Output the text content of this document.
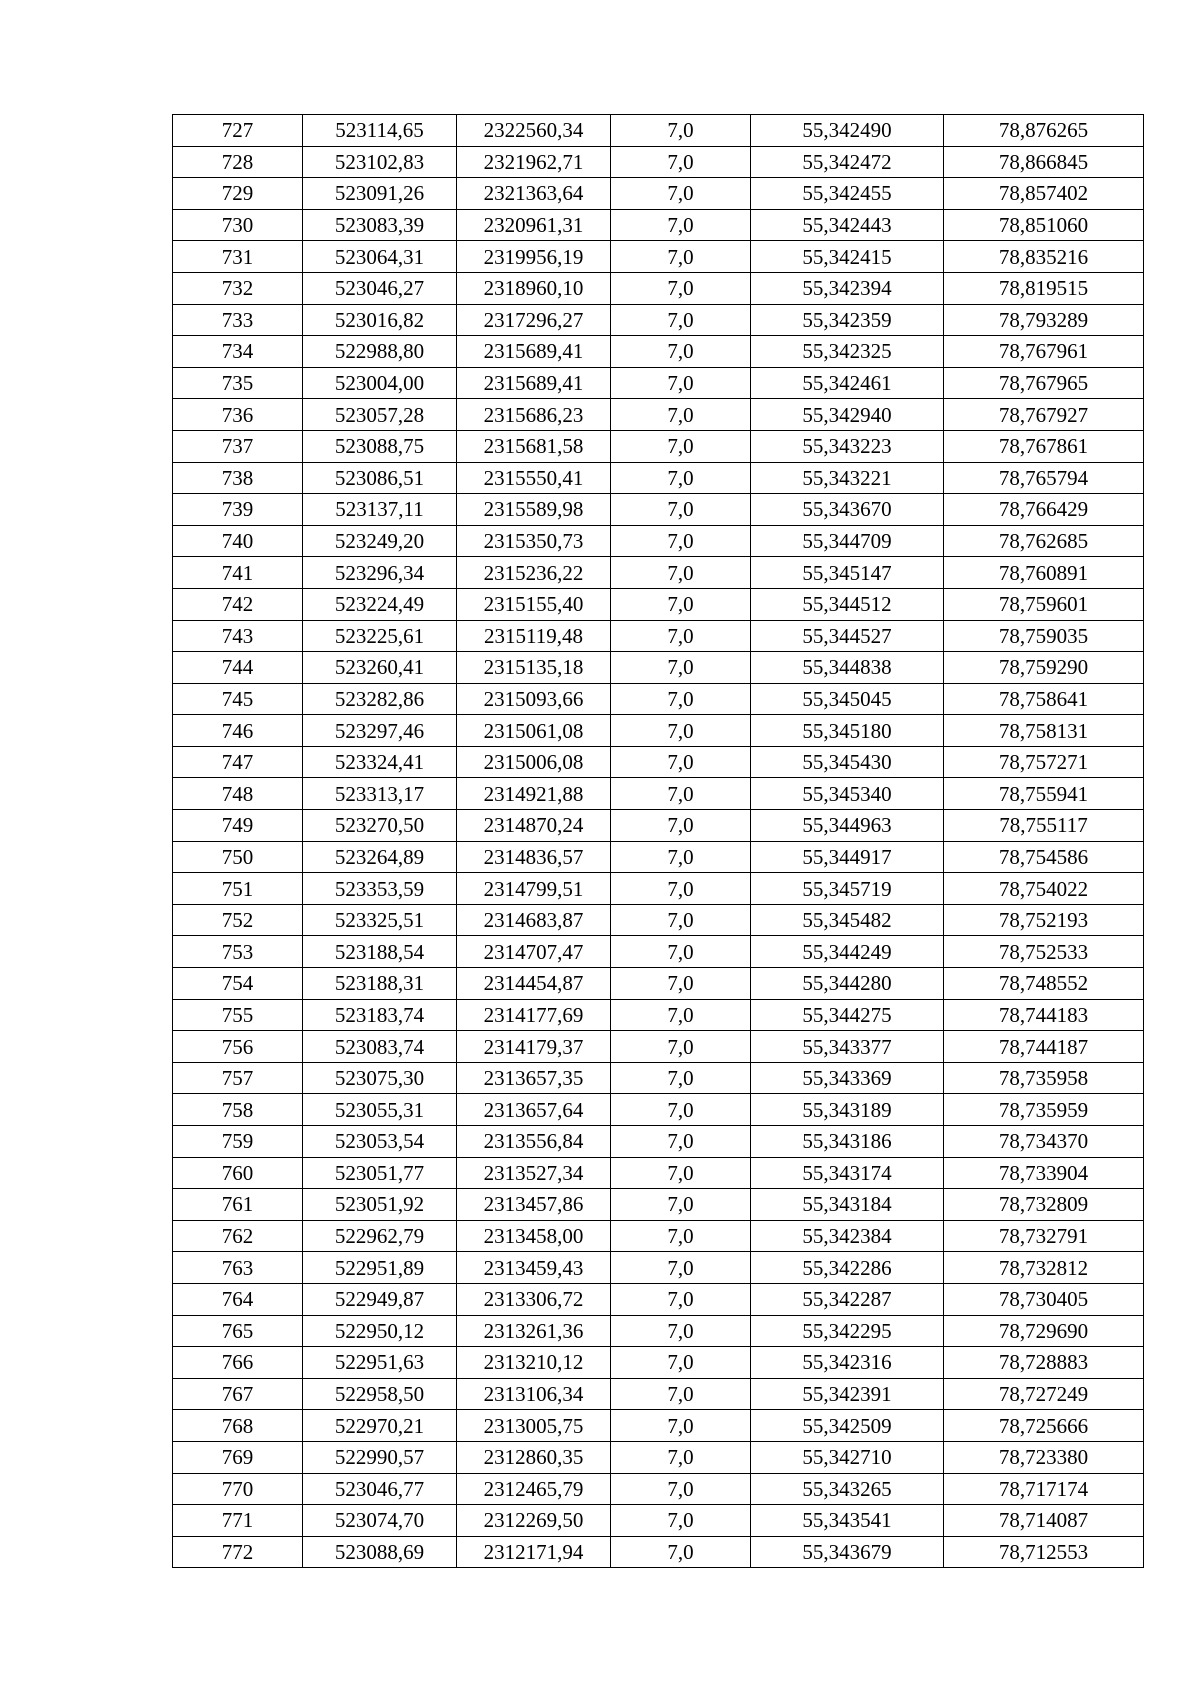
727	523114,65	2322560,34	7,0	55,342490	78,876265
728	523102,83	2321962,71	7,0	55,342472	78,866845
729	523091,26	2321363,64	7,0	55,342455	78,857402
730	523083,39	2320961,31	7,0	55,342443	78,851060
731	523064,31	2319956,19	7,0	55,342415	78,835216
732	523046,27	2318960,10	7,0	55,342394	78,819515
733	523016,82	2317296,27	7,0	55,342359	78,793289
734	522988,80	2315689,41	7,0	55,342325	78,767961
735	523004,00	2315689,41	7,0	55,342461	78,767965
736	523057,28	2315686,23	7,0	55,342940	78,767927
737	523088,75	2315681,58	7,0	55,343223	78,767861
738	523086,51	2315550,41	7,0	55,343221	78,765794
739	523137,11	2315589,98	7,0	55,343670	78,766429
740	523249,20	2315350,73	7,0	55,344709	78,762685
741	523296,34	2315236,22	7,0	55,345147	78,760891
742	523224,49	2315155,40	7,0	55,344512	78,759601
743	523225,61	2315119,48	7,0	55,344527	78,759035
744	523260,41	2315135,18	7,0	55,344838	78,759290
745	523282,86	2315093,66	7,0	55,345045	78,758641
746	523297,46	2315061,08	7,0	55,345180	78,758131
747	523324,41	2315006,08	7,0	55,345430	78,757271
748	523313,17	2314921,88	7,0	55,345340	78,755941
749	523270,50	2314870,24	7,0	55,344963	78,755117
750	523264,89	2314836,57	7,0	55,344917	78,754586
751	523353,59	2314799,51	7,0	55,345719	78,754022
752	523325,51	2314683,87	7,0	55,345482	78,752193
753	523188,54	2314707,47	7,0	55,344249	78,752533
754	523188,31	2314454,87	7,0	55,344280	78,748552
755	523183,74	2314177,69	7,0	55,344275	78,744183
756	523083,74	2314179,37	7,0	55,343377	78,744187
757	523075,30	2313657,35	7,0	55,343369	78,735958
758	523055,31	2313657,64	7,0	55,343189	78,735959
759	523053,54	2313556,84	7,0	55,343186	78,734370
760	523051,77	2313527,34	7,0	55,343174	78,733904
761	523051,92	2313457,86	7,0	55,343184	78,732809
762	522962,79	2313458,00	7,0	55,342384	78,732791
763	522951,89	2313459,43	7,0	55,342286	78,732812
764	522949,87	2313306,72	7,0	55,342287	78,730405
765	522950,12	2313261,36	7,0	55,342295	78,729690
766	522951,63	2313210,12	7,0	55,342316	78,728883
767	522958,50	2313106,34	7,0	55,342391	78,727249
768	522970,21	2313005,75	7,0	55,342509	78,725666
769	522990,57	2312860,35	7,0	55,342710	78,723380
770	523046,77	2312465,79	7,0	55,343265	78,717174
771	523074,70	2312269,50	7,0	55,343541	78,714087
772	523088,69	2312171,94	7,0	55,343679	78,712553
